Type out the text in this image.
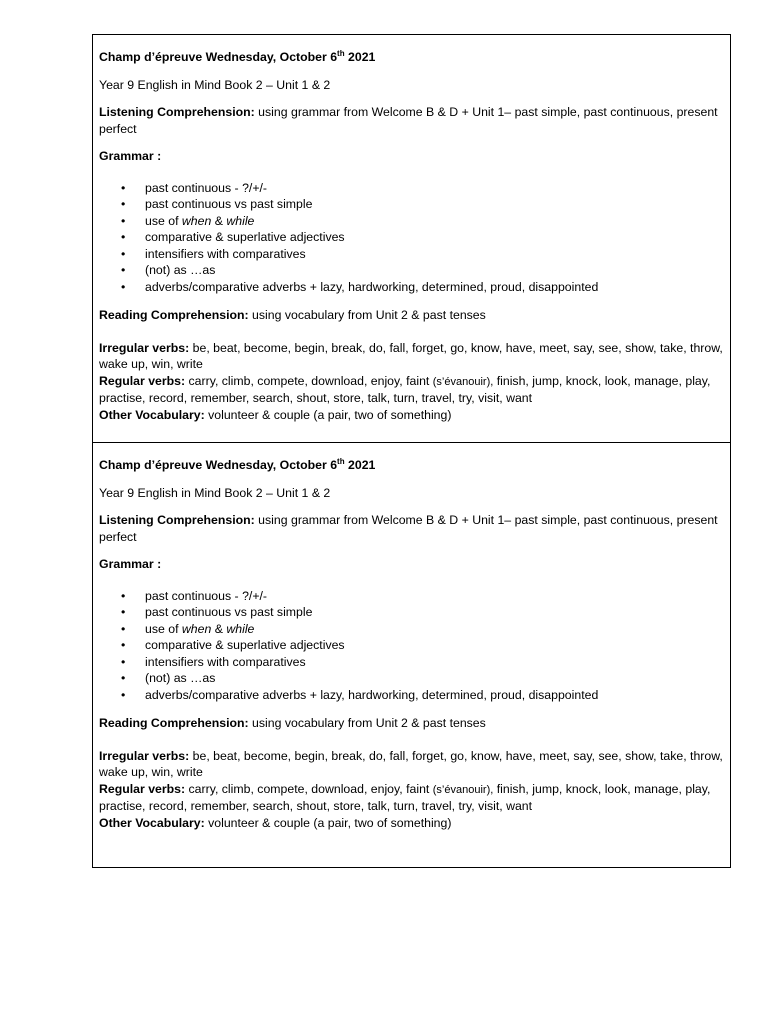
Champ d’épreuve Wednesday, October 6th 2021

Year 9 English in Mind Book 2 – Unit 1 & 2

Listening Comprehension: using grammar from Welcome B & D + Unit 1– past simple, past continuous, present perfect

Grammar :

• past continuous - ?/+/-
• past continuous vs past simple
• use of when & while
• comparative & superlative adjectives
• intensifiers with comparatives
• (not) as …as
• adverbs/comparative adverbs + lazy, hardworking, determined, proud, disappointed

Reading Comprehension: using vocabulary from Unit 2 & past tenses

Irregular verbs: be, beat, become, begin, break, do, fall, forget, go, know, have, meet, say, see, show, take, throw, wake up, win, write

Regular verbs: carry, climb, compete, download, enjoy, faint (s’évanouir), finish, jump, knock, look, manage, play, practise, record, remember, search, shout, store, talk, turn, travel, try, visit, want

Other Vocabulary: volunteer & couple (a pair, two of something)

Champ d’épreuve Wednesday, October 6th 2021

Year 9 English in Mind Book 2 – Unit 1 & 2

Listening Comprehension: using grammar from Welcome B & D + Unit 1– past simple, past continuous, present perfect

Grammar :

• past continuous - ?/+/-
• past continuous vs past simple
• use of when & while
• comparative & superlative adjectives
• intensifiers with comparatives
• (not) as …as
• adverbs/comparative adverbs + lazy, hardworking, determined, proud, disappointed

Reading Comprehension: using vocabulary from Unit 2 & past tenses

Irregular verbs: be, beat, become, begin, break, do, fall, forget, go, know, have, meet, say, see, show, take, throw, wake up, win, write

Regular verbs: carry, climb, compete, download, enjoy, faint (s’évanouir), finish, jump, knock, look, manage, play, practise, record, remember, search, shout, store, talk, turn, travel, try, visit, want

Other Vocabulary: volunteer & couple (a pair, two of something)
